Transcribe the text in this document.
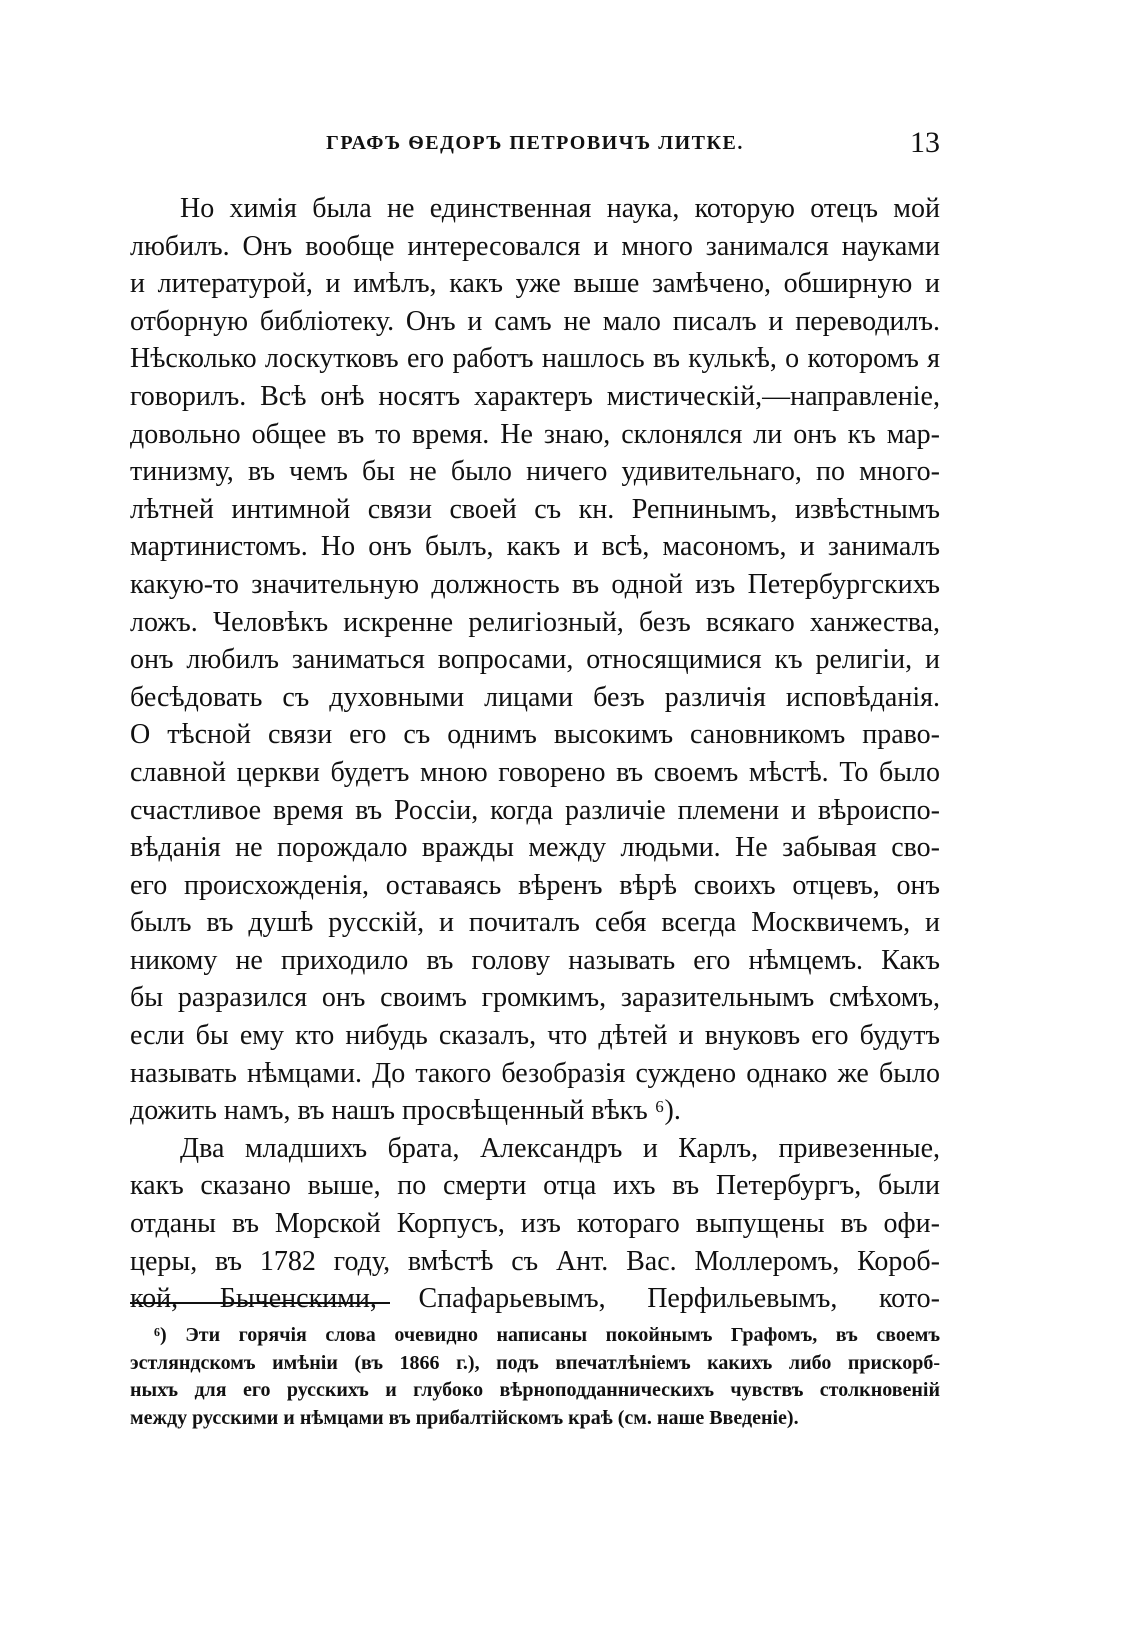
ГРАФЪ ѲЕДОРЪ ПЕТРОВИЧЪ ЛИТКЕ.	13
Но химія была не единственная наука, которую отецъ мой
любилъ. Онъ вообще интересовался и много занимался науками
и литературой, и имѣлъ, какъ уже выше замѣчено, обширную и
отборную библіотеку. Онъ и самъ не мало писалъ и переводилъ.
Нѣсколько лоскутковъ его работъ нашлось въ кулькѣ, о которомъ я
говорилъ. Всѣ онѣ носятъ характеръ мистическій,—направленіе,
довольно общее въ то время. Не знаю, склонялся ли онъ къ мар-
тинизму, въ чемъ бы не было ничего удивительнаго, по много-
лѣтней интимной связи своей съ кн. Репнинымъ, извѣстнымъ
мартинистомъ. Но онъ былъ, какъ и всѣ, масономъ, и занималъ
какую-то значительную должность въ одной изъ Петербургскихъ
ложъ. Человѣкъ искренне религіозный, безъ всякаго ханжества,
онъ любилъ заниматься вопросами, относящимися къ религіи, и
бесѣдовать съ духовными лицами безъ различія исповѣданія.
О тѣсной связи его съ однимъ высокимъ сановникомъ право-
славной церкви будетъ мною говорено въ своемъ мѣстѣ. То было
счастливое время въ Россіи, когда различіе племени и вѣроиспо-
вѣданія не порождало вражды между людьми. Не забывая сво-
его происхожденія, оставаясь вѣренъ вѣрѣ своихъ отцевъ, онъ
былъ въ душѣ русскій, и почиталъ себя всегда Москвичемъ, и
никому не приходило въ голову называть его нѣмцемъ. Какъ
бы разразился онъ своимъ громкимъ, заразительнымъ смѣхомъ,
если бы ему кто нибудь сказалъ, что дѣтей и внуковъ его будутъ
называть нѣмцами. До такого безобразія суждено однако же было
дожить намъ, въ нашъ просвѣщенный вѣкъ ⁶).
Два младшихъ брата, Александръ и Карлъ, привезенные,
какъ сказано выше, по смерти отца ихъ въ Петербургъ, были
отданы въ Морской Корпусъ, изъ котораго выпущены въ офи-
церы, въ 1782 году, вмѣстѣ съ Ант. Вас. Моллеромъ, Короб-
кой, Быченскими, Спафарьевымъ, Перфильевымъ, кото-
⁶) Эти горячія слова очевидно написаны покойнымъ Графомъ, въ своемъ
эстляндскомъ имѣніи (въ 1866 г.), подъ впечатлѣніемъ какихъ либо прискорб-
ныхъ для его русскихъ и глубоко вѣрноподданническихъ чувствъ столкновеній
между русскими и нѣмцами въ прибалтійскомъ краѣ (см. наше Введеніе).
